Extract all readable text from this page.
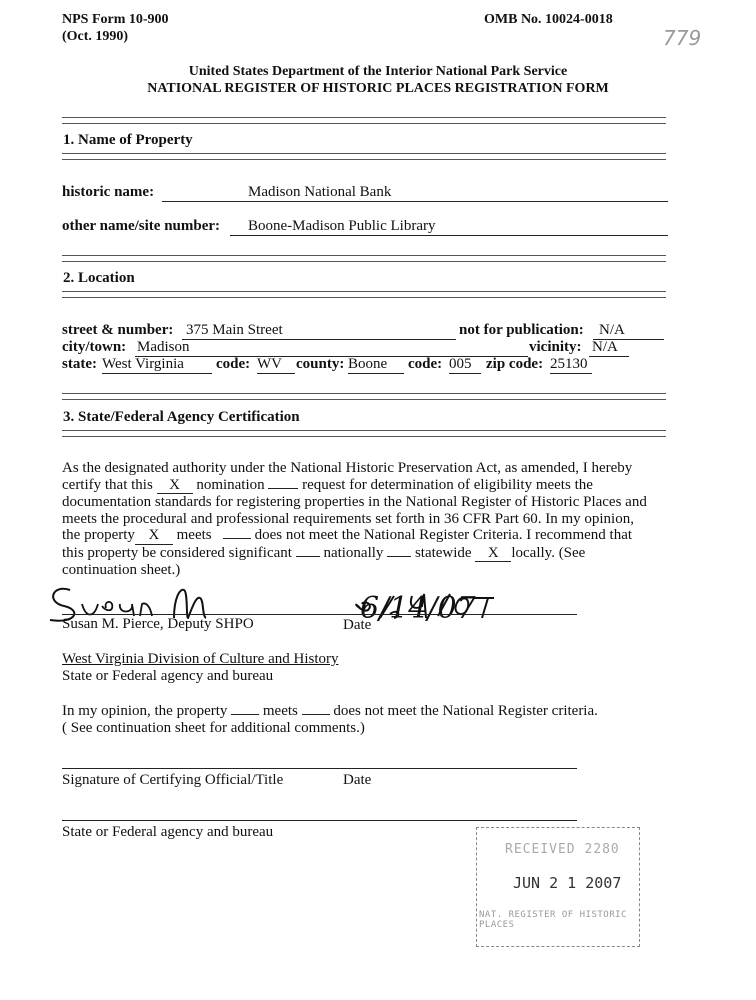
NPS Form 10-900
(Oct. 1990)
OMB No. 10024-0018
779
United States Department of the Interior National Park Service
NATIONAL REGISTER OF HISTORIC PLACES REGISTRATION FORM
1. Name of Property
historic name:	Madison National Bank
other name/site number:	Boone-Madison Public Library
2. Location
street & number: 375 Main Street	not for publication:	N/A
city/town: Madison	vicinity: N/A
state: West Virginia	code: WV county: Boone	code: 005 zip code: 25130
3. State/Federal Agency Certification

As the designated authority under the National Historic Preservation Act, as amended, I hereby

certify that this X nomination	request for determination of eligibility meets the

documentation standards for registering properties in the National Register of Historic Places and

meets the procedural and professional requirements set forth in 36 CFR Part 60. In my opinion,

the property X meets	does not meet the National Register Criteria. I recommend that

this property be considered significant nationally statewide X locally. (See

continuation sheet.)

6/14/07
Susan M. Pierce, Deputy SHPO	Date
West Virginia Division of Culture and History
State or Federal agency and bureau
In my opinion, the property meets does not meet the National Register criteria.
( See continuation sheet for additional comments.)
Signature of Certifying Official/Title	Date
State or Federal agency and bureau
RECEIVED 2280
JUN 2 1 2007
NAT. REGISTER OF HISTORIC PLACES
